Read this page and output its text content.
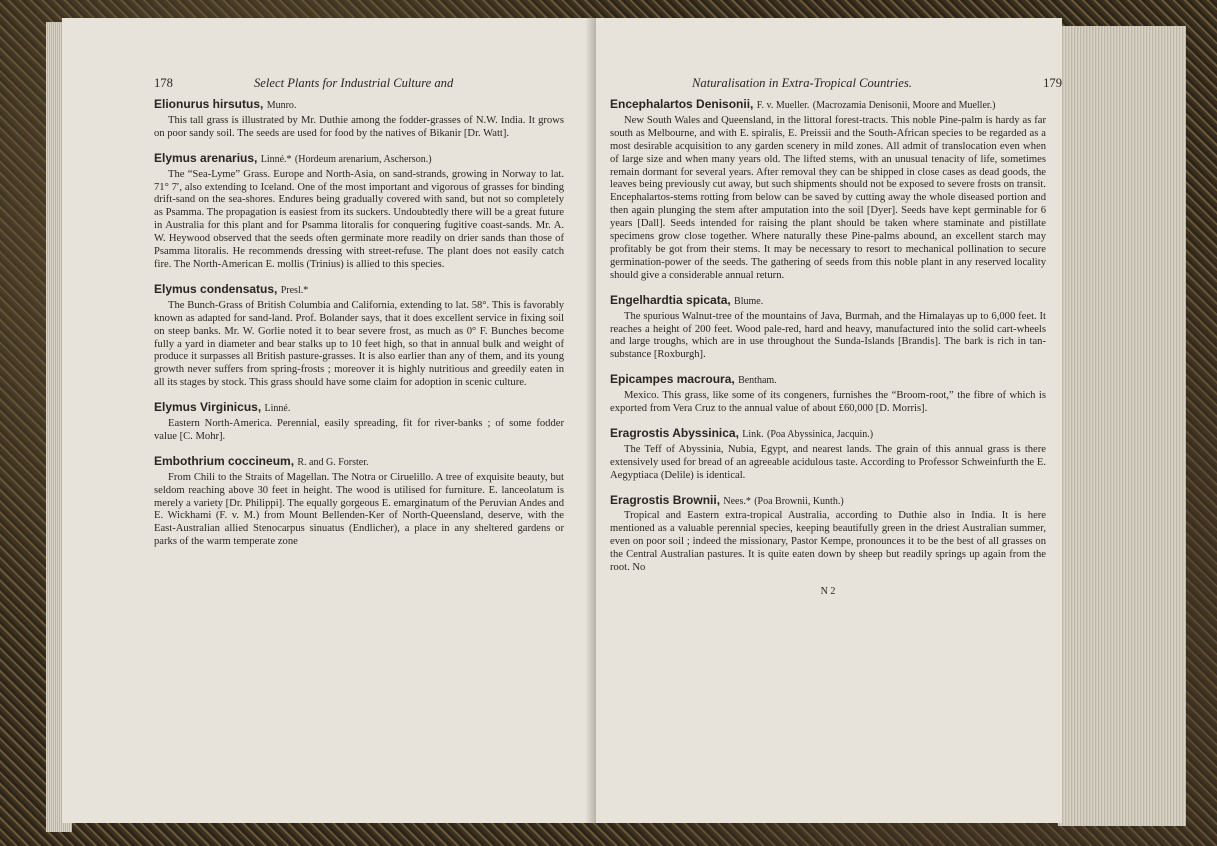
178	Select Plants for Industrial Culture and
Elionurus hirsutus, Munro.

This tall grass is illustrated by Mr. Duthie among the fodder-grasses of N.W. India. It grows on poor sandy soil. The seeds are used for food by the natives of Bikanir [Dr. Watt].

Elymus arenarius, Linné.* (Hordeum arenarium, Ascherson.)

The “Sea-Lyme” Grass. Europe and North-Asia, on sand-strands, growing in Norway to lat. 71° 7′, also extending to Iceland. One of the most important and vigorous of grasses for binding drift-sand on the sea-shores. Endures being gradually covered with sand, but not so completely as Psamma. The propagation is easiest from its suckers. Undoubtedly there will be a great future in Australia for this plant and for Psamma litoralis for conquering fugitive coast-sands. Mr. A. W. Heywood observed that the seeds often germinate more readily on drier sands than those of Psamma litoralis. He recommends dressing with street-refuse. The plant does not easily catch fire. The North-American E. mollis (Trinius) is allied to this species.

Elymus condensatus, Presl.*

The Bunch-Grass of British Columbia and California, extending to lat. 58°. This is favorably known as adapted for sand-land. Prof. Bolander says, that it does excellent service in fixing soil on steep banks. Mr. W. Gorlie noted it to bear severe frost, as much as 0° F. Bunches become fully a yard in diameter and bear stalks up to 10 feet high, so that in annual bulk and weight of produce it surpasses all British pasture-grasses. It is also earlier than any of them, and its young growth never suffers from spring-frosts ; moreover it is highly nutritious and greedily eaten in all its stages by stock. This grass should have some claim for adoption in scenic culture.

Elymus Virginicus, Linné.

Eastern North-America. Perennial, easily spreading, fit for river-banks ; of some fodder value [C. Mohr].

Embothrium coccineum, R. and G. Forster.

From Chili to the Straits of Magellan. The Notra or Ciruelillo. A tree of exquisite beauty, but seldom reaching above 30 feet in height. The wood is utilised for furniture. E. lanceolatum is merely a variety [Dr. Philippi]. The equally gorgeous E. emarginatum of the Peruvian Andes and E. Wickhami (F. v. M.) from Mount Bellenden-Ker of North-Queensland, deserve, with the East-Australian allied Stenocarpus sinuatus (Endlicher), a place in any sheltered gardens or parks of the warm temperate zone

Naturalisation in Extra-Tropical Countries.	179
Encephalartos Denisonii, F. v. Mueller. (Macrozamia Denisonii, Moore and Mueller.)

New South Wales and Queensland, in the littoral forest-tracts. This noble Pine-palm is hardy as far south as Melbourne, and with E. spiralis, E. Preissii and the South-African species to be regarded as a most desirable acquisition to any garden scenery in mild zones. All admit of translocation even when of large size and when many years old. The lifted stems, with an unusual tenacity of life, sometimes remain dormant for several years. After removal they can be shipped in close cases as dead goods, the leaves being previously cut away, but such shipments should not be exposed to severe frosts on transit. Encephalartos-stems rotting from below can be saved by cutting away the whole diseased portion and then again plunging the stem after amputation into the soil [Dyer]. Seeds have kept germinable for 6 years [Dall]. Seeds intended for raising the plant should be taken where staminate and pistillate specimens grow close together. Where naturally these Pine-palms abound, an excellent starch may profitably be got from their stems. It may be necessary to resort to mechanical pollination to secure germination-power of the seeds. The gathering of seeds from this noble plant in any reserved locality should give a considerable annual return.

Engelhardtia spicata, Blume.

The spurious Walnut-tree of the mountains of Java, Burmah, and the Himalayas up to 6,000 feet. It reaches a height of 200 feet. Wood pale-red, hard and heavy, manufactured into the solid cart-wheels and large troughs, which are in use throughout the Sunda-Islands [Brandis]. The bark is rich in tan-substance [Roxburgh].

Epicampes macroura, Bentham.

Mexico. This grass, like some of its congeners, furnishes the “Broom-root,” the fibre of which is exported from Vera Cruz to the annual value of about £60,000 [D. Morris].

Eragrostis Abyssinica, Link. (Poa Abyssinica, Jacquin.)

The Teff of Abyssinia, Nubia, Egypt, and nearest lands. The grain of this annual grass is there extensively used for bread of an agreeable acidulous taste. According to Professor Schweinfurth the E. Aegyptiaca (Delile) is identical.

Eragrostis Brownii, Nees.* (Poa Brownii, Kunth.)

Tropical and Eastern extra-tropical Australia, according to Duthie also in India. It is here mentioned as a valuable perennial species, keeping beautifully green in the driest Australian summer, even on poor soil ; indeed the missionary, Pastor Kempe, pronounces it to be the best of all grasses on the Central Australian pastures. It is quite eaten down by sheep but readily springs up again from the root. No

N 2
